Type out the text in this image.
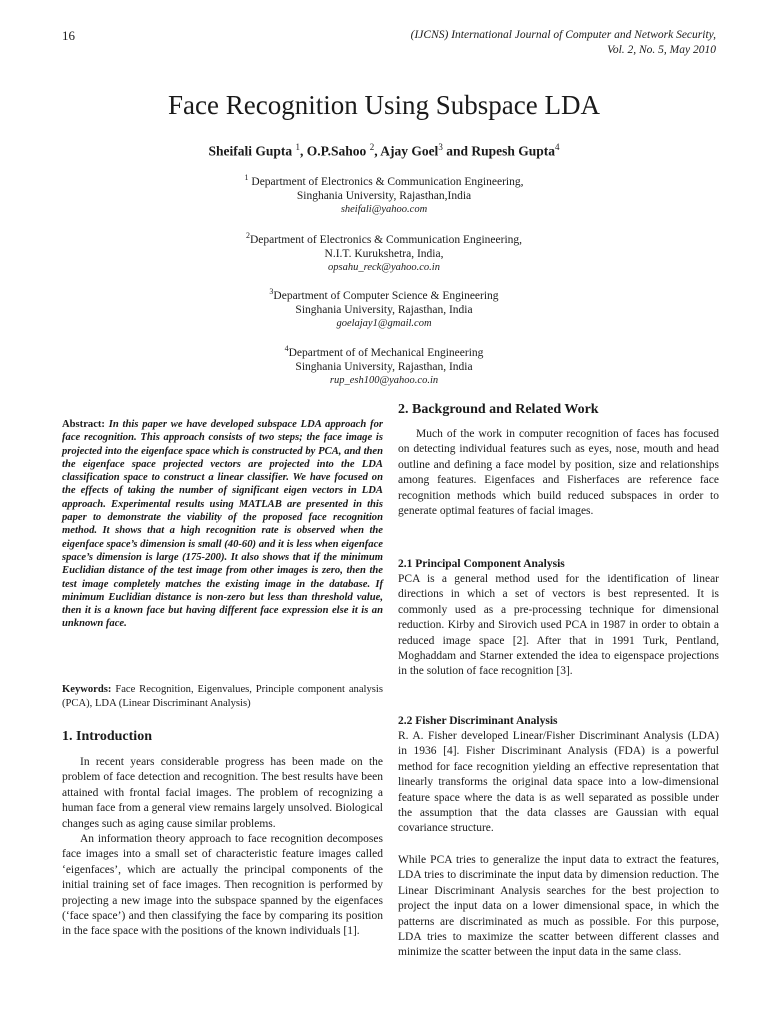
16	(IJCNS) International Journal of Computer and Network Security,
Vol. 2, No. 5, May 2010
Face Recognition Using Subspace LDA
Sheifali Gupta $^1$, O.P.Sahoo $^2$, Ajay Goel$^3$ and Rupesh Gupta$^4$
$^1$ Department of Electronics & Communication Engineering,
Singhania University, Rajasthan,India
sheifali@yahoo.com
$^2$Department of Electronics & Communication Engineering,
N.I.T. Kurukshetra, India,
opsahu_reck@yahoo.co.in
$^3$Department of Computer Science & Engineering
Singhania University, Rajasthan, India
goelajay1@gmail.com
$^4$Department of of Mechanical Engineering
Singhania University, Rajasthan, India
rup_esh100@yahoo.co.in
Abstract: In this paper we have developed subspace LDA approach for face recognition. This approach consists of two steps; the face image is projected into the eigenface space which is constructed by PCA, and then the eigenface space projected vectors are projected into the LDA classification space to construct a linear classifier. We have focused on the effects of taking the number of significant eigen vectors in LDA approach. Experimental results using MATLAB are presented in this paper to demonstrate the viability of the proposed face recognition method. It shows that a high recognition rate is observed when the eigenface space’s dimension is small (40-60) and it is less when eigenface space’s dimension is large (175-200). It also shows that if the minimum Euclidian distance of the test image from other images is zero, then the test image completely matches the existing image in the database. If minimum Euclidian distance is non-zero but less than threshold value, then it is a known face but having different face expression else it is an unknown face.
Keywords: Face Recognition, Eigenvalues, Principle component analysis (PCA), LDA (Linear Discriminant Analysis)
1. Introduction

In recent years considerable progress has been made on the problem of face detection and recognition. The best results have been attained with frontal facial images. The problem of recognizing a human face from a general view remains largely unsolved. Biological changes such as aging cause similar problems.

An information theory approach to face recognition decomposes face images into a small set of characteristic feature images called ‘eigenfaces’, which are actually the principal components of the initial training set of face images. Then recognition is performed by projecting a new image into the subspace spanned by the eigenfaces (‘face space’) and then classifying the face by comparing its position in the face space with the positions of the known individuals [1].

2. Background and Related Work

Much of the work in computer recognition of faces has focused on detecting individual features such as eyes, nose, mouth and head outline and defining a face model by position, size and relationships among features. Eigenfaces and Fisherfaces are reference face recognition methods which build reduced subspaces in order to generate optimal features of facial images.

2.1 Principal Component Analysis

PCA is a general method used for the identification of linear directions in which a set of vectors is best represented. It is commonly used as a pre-processing technique for dimensional reduction. Kirby and Sirovich used PCA in 1987 in order to obtain a reduced image space [2]. After that in 1991 Turk, Pentland, Moghaddam and Starner extended the idea to eigenspace projections in the solution of face recognition [3].

2.2 Fisher Discriminant Analysis

R. A. Fisher developed Linear/Fisher Discriminant Analysis (LDA) in 1936 [4]. Fisher Discriminant Analysis (FDA) is a powerful method for face recognition yielding an effective representation that linearly transforms the original data space into a low-dimensional feature space where the data is as well separated as possible under the assumption that the data classes are Gaussian with equal covariance structure.

While PCA tries to generalize the input data to extract the features, LDA tries to discriminate the input data by dimension reduction. The Linear Discriminant Analysis searches for the best projection to project the input data on a lower dimensional space, in which the patterns are discriminated as much as possible. For this purpose, LDA tries to maximize the scatter between different classes and minimize the scatter between the input data in the same class.
